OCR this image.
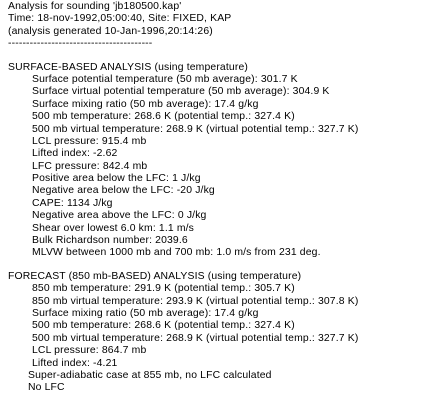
Analysis for sounding 'jb180500.kap'
Time: 18-nov-1992,05:00:40, Site: FIXED, KAP
(analysis generated 10-Jan-1996,20:14:26)
----------------------------------------
SURFACE-BASED ANALYSIS (using temperature)
Surface potential temperature (50 mb average): 301.7 K
Surface virtual potential temperature (50 mb average): 304.9 K
Surface mixing ratio (50 mb average): 17.4 g/kg
500 mb temperature: 268.6 K (potential temp.: 327.4 K)
500 mb virtual temperature: 268.9 K (virtual potential temp.: 327.7 K)
LCL pressure: 915.4 mb
Lifted index: -2.62
LFC pressure: 842.4 mb
Positive area below the LFC: 1 J/kg
Negative area below the LFC: -20 J/kg
CAPE: 1134 J/kg
Negative area above the LFC: 0 J/kg
Shear over lowest 6.0 km: 1.1 m/s
Bulk Richardson number: 2039.6
MLVW between 1000 mb and 700 mb: 1.0 m/s from 231 deg.
FORECAST (850 mb-BASED) ANALYSIS (using temperature)
850 mb temperature: 291.9 K (potential temp.: 305.7 K)
850 mb virtual temperature: 293.9 K (virtual potential temp.: 307.8 K)
Surface mixing ratio (50 mb average): 17.4 g/kg
500 mb temperature: 268.6 K (potential temp.: 327.4 K)
500 mb virtual temperature: 268.9 K (virtual potential temp.: 327.7 K)
LCL pressure: 864.7 mb
Lifted index: -4.21
Super-adiabatic case at 855 mb, no LFC calculated
No LFC
